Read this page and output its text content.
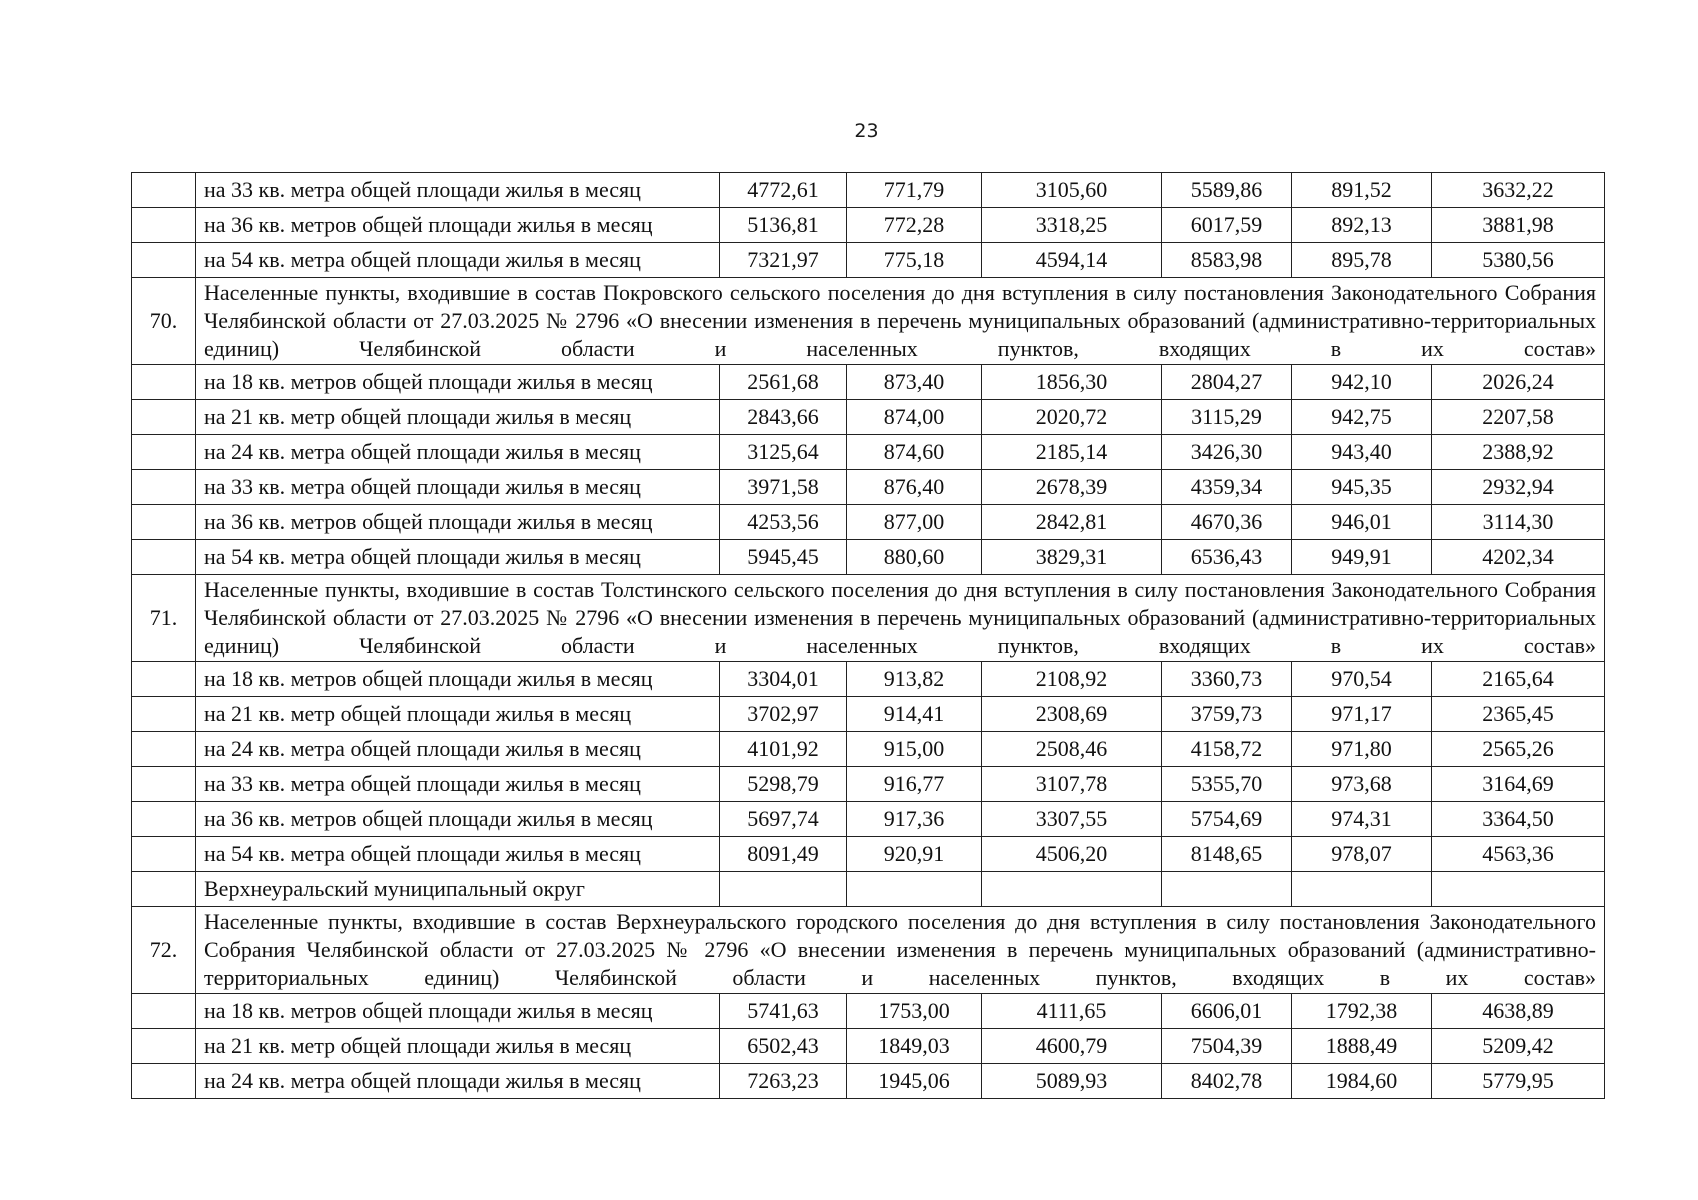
23
	на 33 кв. метра общей площади жилья в месяц	4772,61	771,79	3105,60	5589,86	891,52	3632,22
	на 36 кв. метров общей площади жилья в месяц	5136,81	772,28	3318,25	6017,59	892,13	3881,98
	на 54 кв. метра общей площади жилья в месяц	7321,97	775,18	4594,14	8583,98	895,78	5380,56
70.	Населенные пункты, входившие в состав Покровского сельского поселения до дня вступления в силу постановления Законодательного Собрания Челябинской области от 27.03.2025 № 2796 «О внесении изменения в перечень муниципальных образований (административно-территориальных единиц) Челябинской области и населенных пунктов, входящих в их состав»						
	на 18 кв. метров общей площади жилья в месяц	2561,68	873,40	1856,30	2804,27	942,10	2026,24
	на 21 кв. метр общей площади жилья в месяц	2843,66	874,00	2020,72	3115,29	942,75	2207,58
	на 24 кв. метра общей площади жилья в месяц	3125,64	874,60	2185,14	3426,30	943,40	2388,92
	на 33 кв. метра общей площади жилья в месяц	3971,58	876,40	2678,39	4359,34	945,35	2932,94
	на 36 кв. метров общей площади жилья в месяц	4253,56	877,00	2842,81	4670,36	946,01	3114,30
	на 54 кв. метра общей площади жилья в месяц	5945,45	880,60	3829,31	6536,43	949,91	4202,34
71.	Населенные пункты, входившие в состав Толстинского сельского поселения до дня вступления в силу постановления Законодательного Собрания Челябинской области от 27.03.2025 № 2796 «О внесении изменения в перечень муниципальных образований (административно-территориальных единиц) Челябинской области и населенных пунктов, входящих в их состав»						
	на 18 кв. метров общей площади жилья в месяц	3304,01	913,82	2108,92	3360,73	970,54	2165,64
	на 21 кв. метр общей площади жилья в месяц	3702,97	914,41	2308,69	3759,73	971,17	2365,45
	на 24 кв. метра общей площади жилья в месяц	4101,92	915,00	2508,46	4158,72	971,80	2565,26
	на 33 кв. метра общей площади жилья в месяц	5298,79	916,77	3107,78	5355,70	973,68	3164,69
	на 36 кв. метров общей площади жилья в месяц	5697,74	917,36	3307,55	5754,69	974,31	3364,50
	на 54 кв. метра общей площади жилья в месяц	8091,49	920,91	4506,20	8148,65	978,07	4563,36
	Верхнеуральский муниципальный округ						
72.	Населенные пункты, входившие в состав Верхнеуральского городского поселения до дня вступления в силу постановления Законодательного Собрания Челябинской области от 27.03.2025 № 2796 «О внесении изменения в перечень муниципальных образований (административно-территориальных единиц) Челябинской области и населенных пунктов, входящих в их состав»						
	на 18 кв. метров общей площади жилья в месяц	5741,63	1753,00	4111,65	6606,01	1792,38	4638,89
	на 21 кв. метр общей площади жилья в месяц	6502,43	1849,03	4600,79	7504,39	1888,49	5209,42
	на 24 кв. метра общей площади жилья в месяц	7263,23	1945,06	5089,93	8402,78	1984,60	5779,95
